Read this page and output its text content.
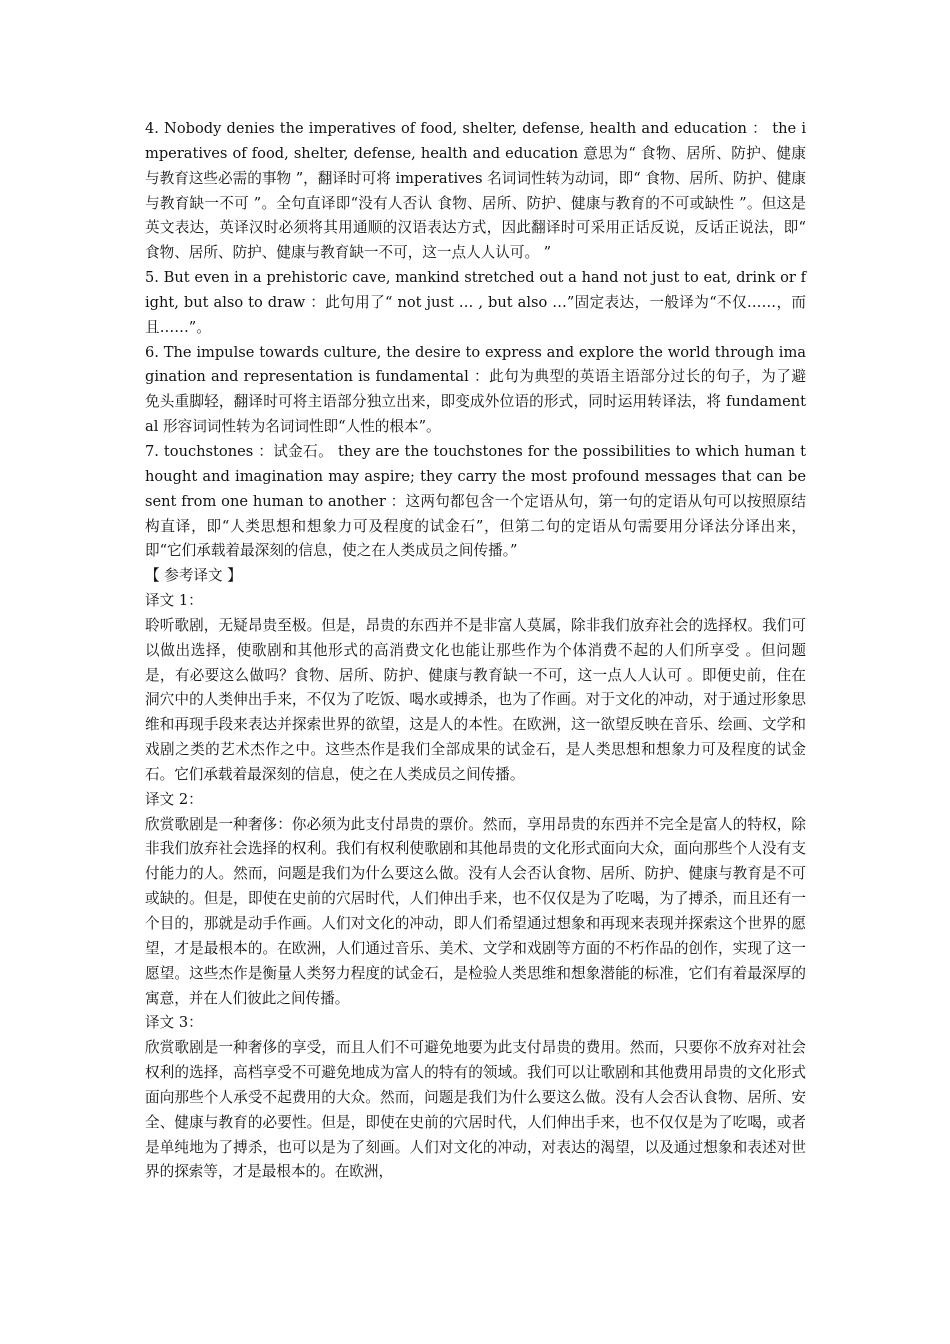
4. Nobody denies the imperatives of food, shelter, defense, health and education ： the imperatives of food, shelter, defense, health and education 意思为“ 食物、居所、防护、健康与教育这些必需的事物 ”，翻译时可将 imperatives 名词词性转为动词，即“ 食物、居所、防护、健康与教育缺一不可 ”。全句直译即“没有人否认 食物、居所、防护、健康与教育的不可或缺性 ”。但这是英文表达，英译汉时必须将其用通顺的汉语表达方式，因此翻译时可采用正话反说，反话正说法，即“ 食物、居所、防护、健康与教育缺一不可，这一点人人认可。 ”

5. But even in a prehistoric cave, mankind stretched out a hand not just to eat, drink or fight, but also to draw ：此句用了“ not just … , but also …”固定表达，一般译为“不仅……，而且……”。

6. The impulse towards culture, the desire to express and explore the world through imagination and representation is fundamental ：此句为典型的英语主语部分过长的句子，为了避免头重脚轻，翻译时可将主语部分独立出来，即变成外位语的形式，同时运用转译法，将 fundamental 形容词词性转为名词词性即“人性的根本”。

7. touchstones ：试金石。 they are the touchstones for the possibilities to which human thought and imagination may aspire; they carry the most profound messages that can be sent from one human to another ：这两句都包含一个定语从句，第一句的定语从句可以按照原结构直译，即“人类思想和想象力可及程度的试金石”，但第二句的定语从句需要用分译法分译出来，即“它们承载着最深刻的信息，使之在人类成员之间传播。”

【 参考译文 】

译文 1：

聆听歌剧，无疑昂贵至极。但是，昂贵的东西并不是非富人莫属，除非我们放弃社会的选择权。我们可以做出选择，使歌剧和其他形式的高消费文化也能让那些作为个体消费不起的人们所享受 。但问题是，有必要这么做吗？食物、居所、防护、健康与教育缺一不可，这一点人人认可 。即便史前，住在洞穴中的人类伸出手来，不仅为了吃饭、喝水或搏杀，也为了作画。对于文化的冲动，对于通过形象思维和再现手段来表达并探索世界的欲望，这是人的本性。在欧洲，这一欲望反映在音乐、绘画、文学和戏剧之类的艺术杰作之中。这些杰作是我们全部成果的试金石，是人类思想和想象力可及程度的试金石。它们承载着最深刻的信息，使之在人类成员之间传播。

译文 2：

欣赏歌剧是一种奢侈：你必须为此支付昂贵的票价。然而，享用昂贵的东西并不完全是富人的特权，除非我们放弃社会选择的权利。我们有权利使歌剧和其他昂贵的文化形式面向大众，面向那些个人没有支付能力的人。然而，问题是我们为什么要这么做。没有人会否认食物、居所、防护、健康与教育是不可或缺的。但是，即使在史前的穴居时代，人们伸出手来，也不仅仅是为了吃喝，为了搏杀，而且还有一个目的，那就是动手作画。人们对文化的冲动，即人们希望通过想象和再现来表现并探索这个世界的愿望，才是最根本的。在欧洲，人们通过音乐、美术、文学和戏剧等方面的不朽作品的创作，实现了这一愿望。这些杰作是衡量人类努力程度的试金石，是检验人类思维和想象潜能的标准，它们有着最深厚的寓意，并在人们彼此之间传播。

译文 3：

欣赏歌剧是一种奢侈的享受，而且人们不可避免地要为此支付昂贵的费用。然而，只要你不放弃对社会权利的选择，高档享受不可避免地成为富人的特有的领域。我们可以让歌剧和其他费用昂贵的文化形式面向那些个人承受不起费用的大众。然而，问题是我们为什么要这么做。没有人会否认食物、居所、安全、健康与教育的必要性。但是，即使在史前的穴居时代，人们伸出手来，也不仅仅是为了吃喝，或者是单纯地为了搏杀，也可以是为了刻画。人们对文化的冲动，对表达的渴望，以及通过想象和表述对世界的探索等，才是最根本的。在欧洲，
